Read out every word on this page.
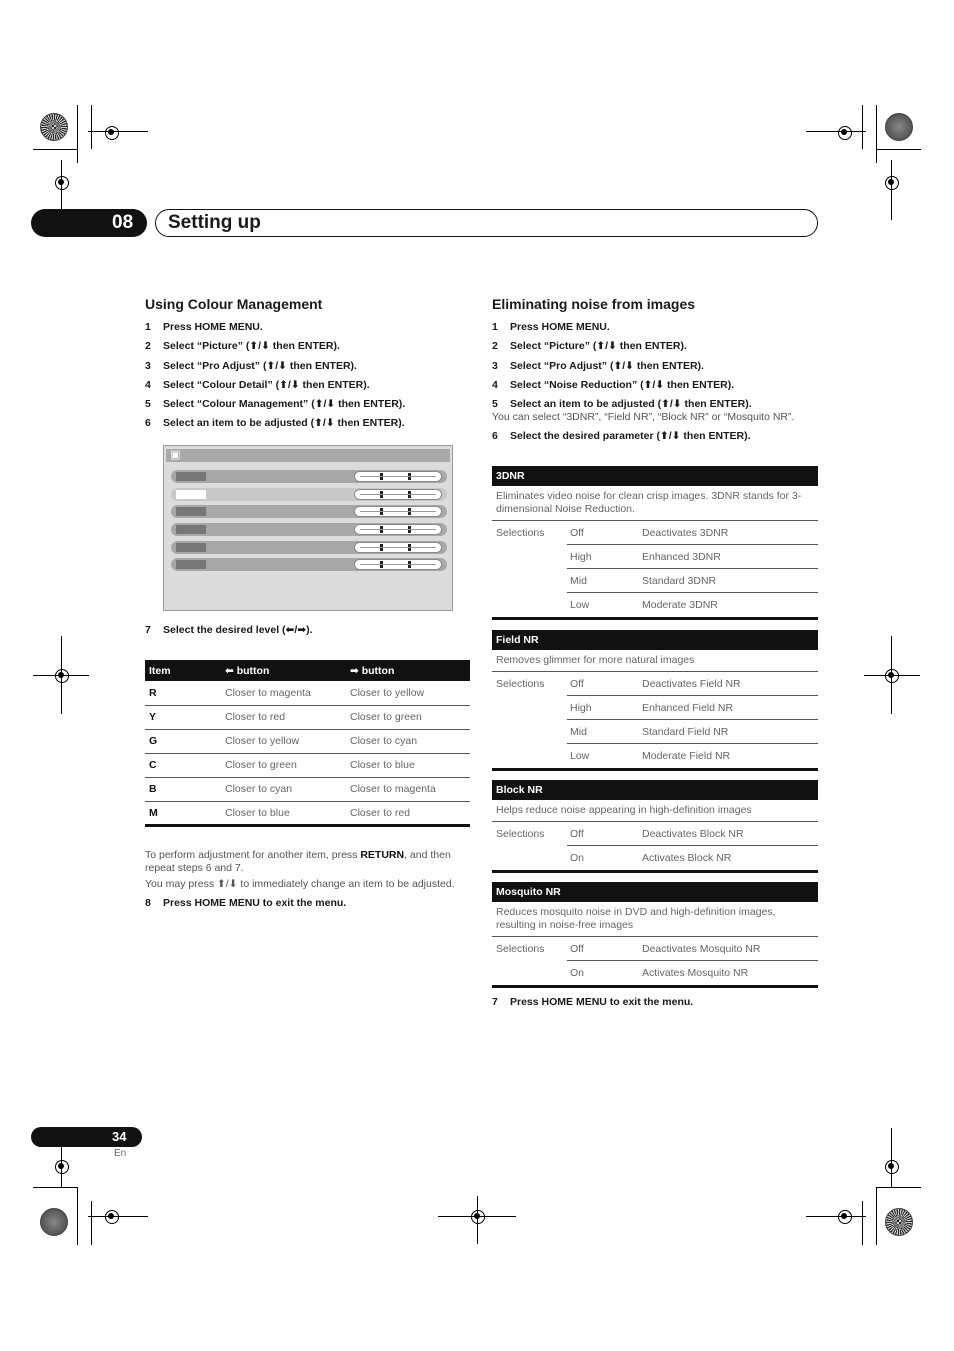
08	Setting up
Using Colour Management
1 Press HOME MENU.
2 Select “Picture” (⬆/⬇ then ENTER).
3 Select “Pro Adjust” (⬆/⬇ then ENTER).
4 Select “Colour Detail” (⬆/⬇ then ENTER).
5 Select “Colour Management” (⬆/⬇ then ENTER).
6 Select an item to be adjusted (⬆/⬇ then ENTER).
▣
7 Select the desired level (⬅/➡).
Item	⬅ button	➡ button
R	Closer to magenta	Closer to yellow
Y	Closer to red	Closer to green
G	Closer to yellow	Closer to cyan
C	Closer to green	Closer to blue
B	Closer to cyan	Closer to magenta
M	Closer to blue	Closer to red
To perform adjustment for another item, press RETURN, and then
repeat steps 6 and 7.
You may press ⬆/⬇ to immediately change an item to be adjusted.
8 Press HOME MENU to exit the menu.
Eliminating noise from images
1 Press HOME MENU.
2 Select “Picture” (⬆/⬇ then ENTER).
3 Select “Pro Adjust” (⬆/⬇ then ENTER).
4 Select “Noise Reduction” (⬆/⬇ then ENTER).
5 Select an item to be adjusted (⬆/⬇ then ENTER).
You can select “3DNR”, “Field NR”, “Block NR” or “Mosquito NR”.
6 Select the desired parameter (⬆/⬇ then ENTER).
3DNR
Eliminates video noise for clean crisp images. 3DNR stands for 3-
dimensional Noise Reduction.
Selections	Off	Deactivates 3DNR
High	Enhanced 3DNR
Mid	Standard 3DNR
Low	Moderate 3DNR
Field NR
Removes glimmer for more natural images
Selections	Off	Deactivates Field NR
High	Enhanced Field NR
Mid	Standard Field NR
Low	Moderate Field NR
Block NR
Helps reduce noise appearing in high-definition images
Selections	Off	Deactivates Block NR
On	Activates Block NR
Mosquito NR
Reduces mosquito noise in DVD and high-definition images,
resulting in noise-free images
Selections	Off	Deactivates Mosquito NR
On	Activates Mosquito NR
7 Press HOME MENU to exit the menu.
34
En
